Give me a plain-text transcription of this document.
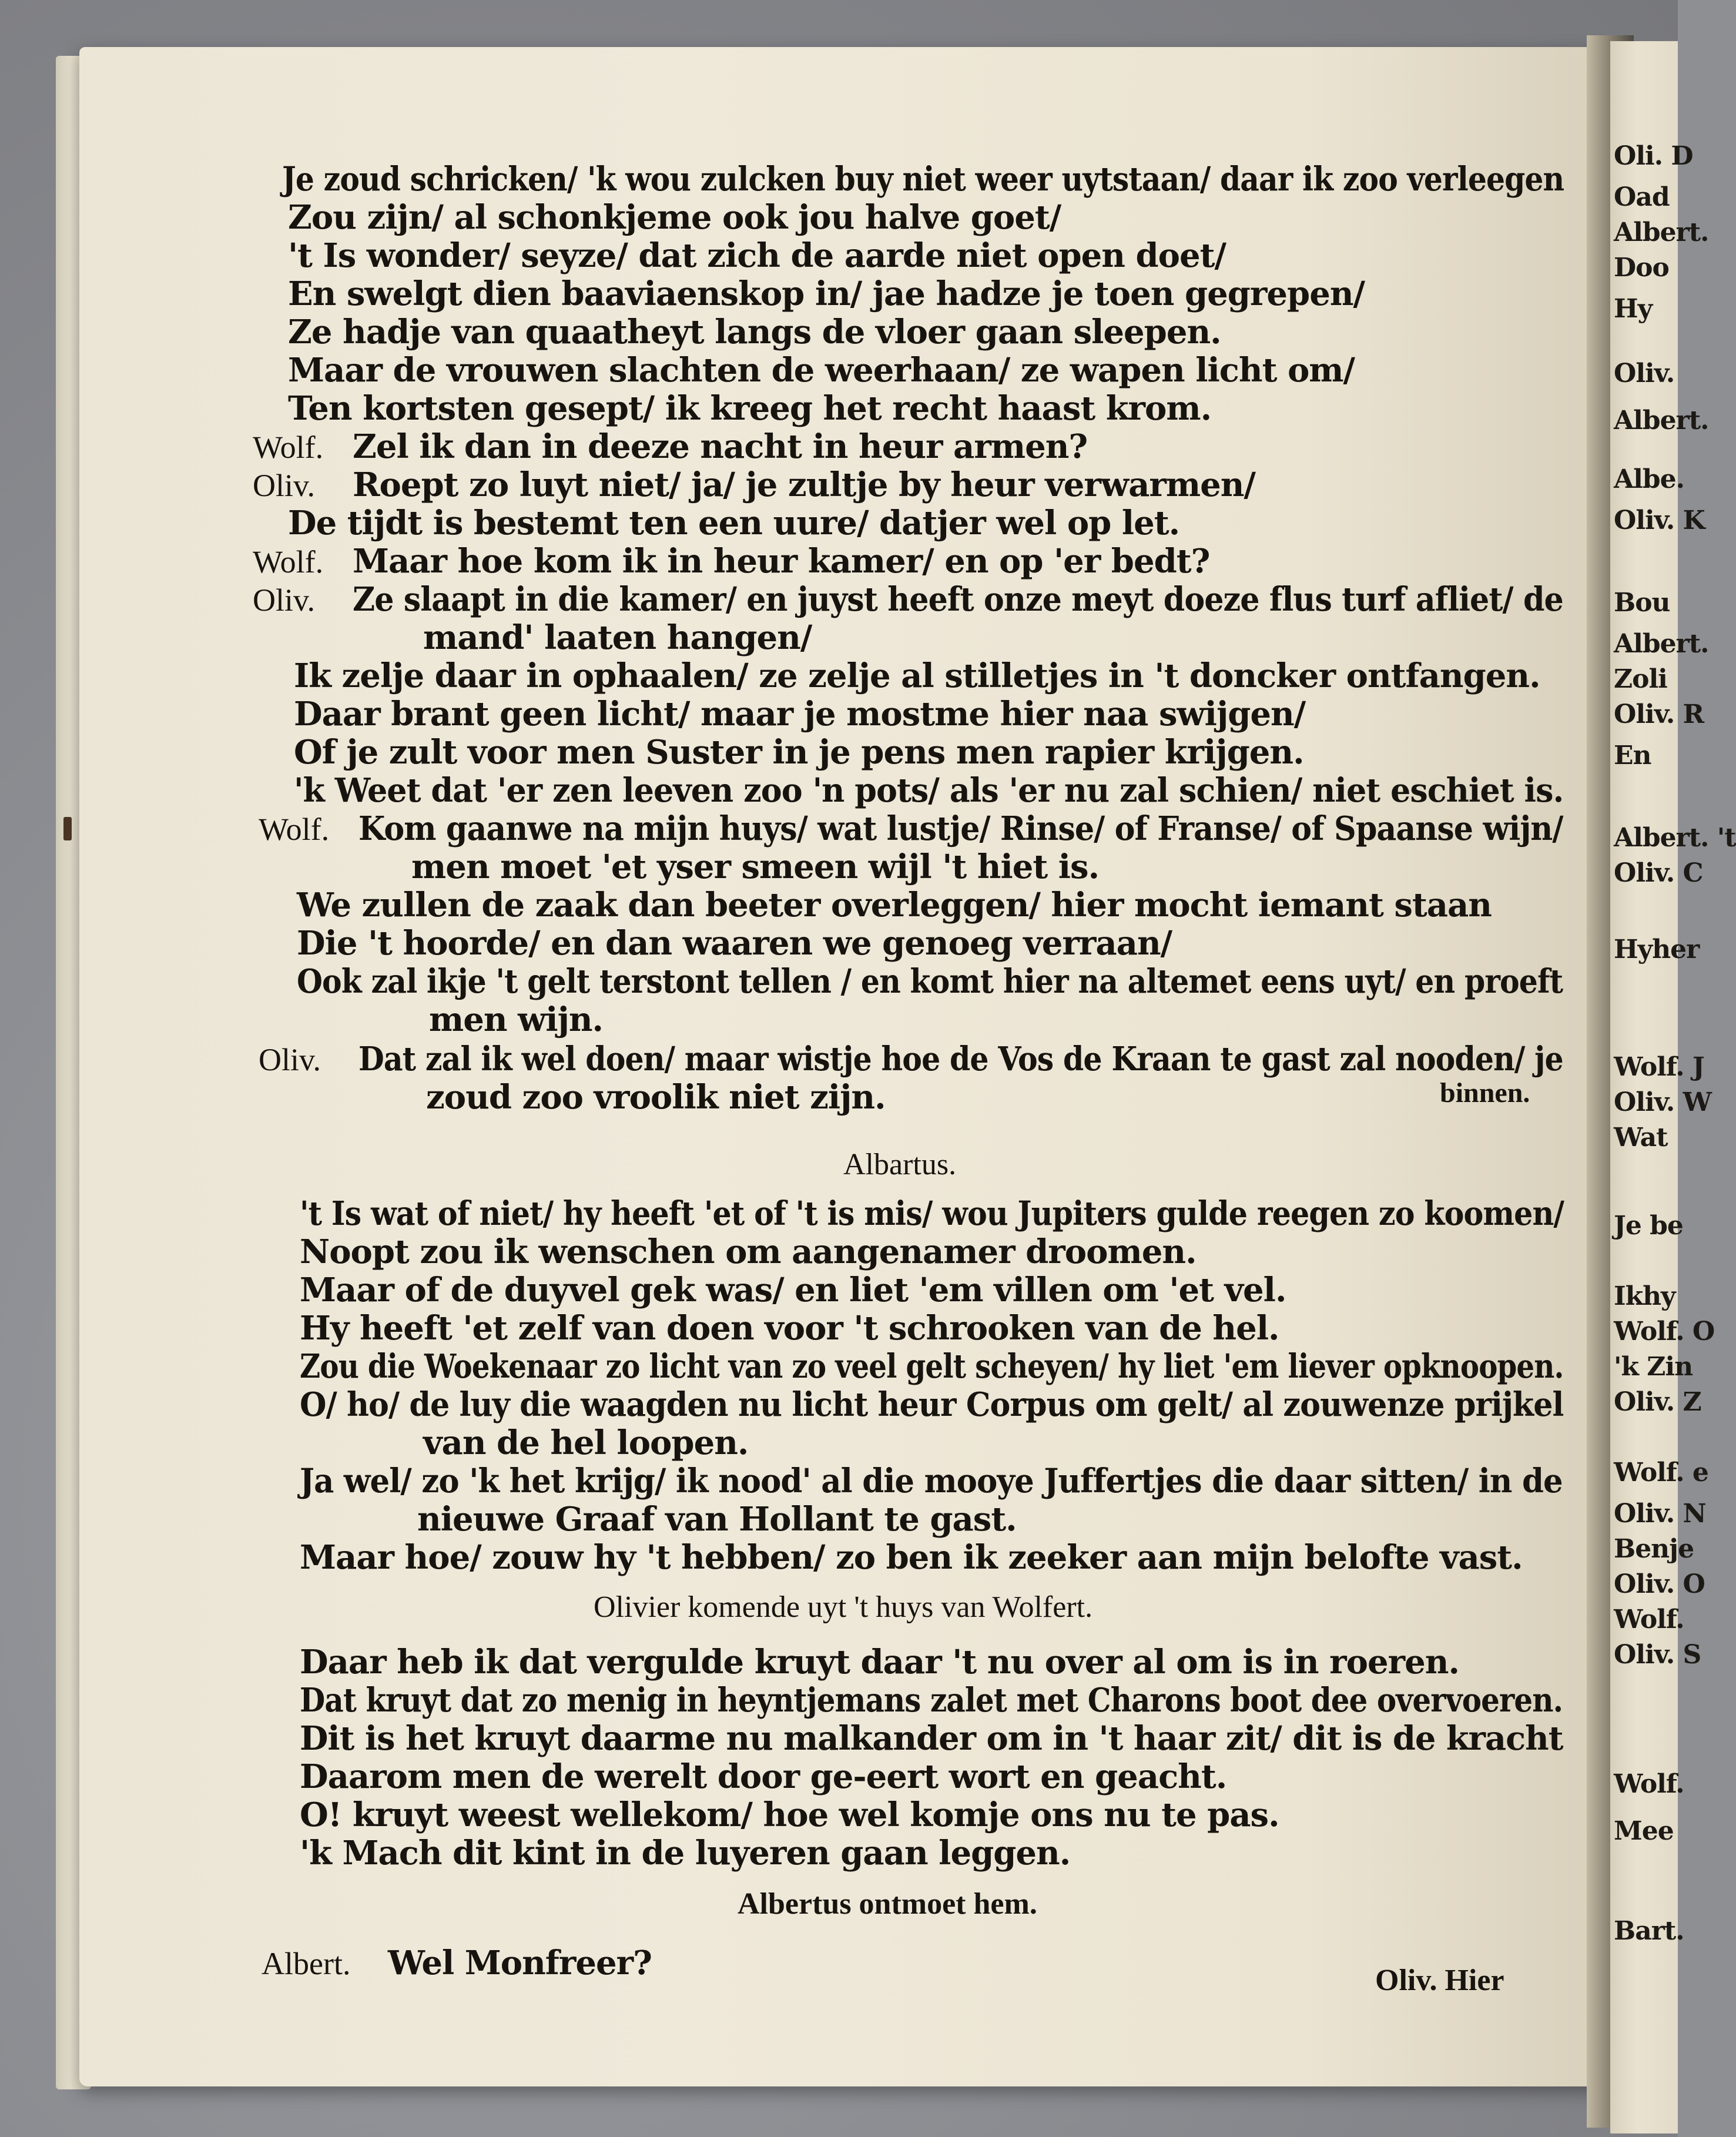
Oli. D
Oad
Albert.
Doo
Hy
Oliv.
Albert.
Albe.
Oliv. K
Bou
Albert.
Zoli
Oliv. R
En
Albert. 't
Oliv. C
Hyher
Wolf. J
Oliv. W
Wat
Je be
Ikhy
Wolf. O
'k Zin
Oliv. Z
Wolf. e
Oliv. N
Benje
Oliv. O
Wolf.
Oliv. S
Wolf.
Mee
Bart.
Je zoud schricken/ 'k wou zulcken buy niet weer uytstaan/ daar ik zoo verleegen
Zou zijn/ al schonkjeme ook jou halve goet/
't Is wonder/ seyze/ dat zich de aarde niet open doet/
En swelgt dien baaviaenskop in/ jae hadze je toen gegrepen/
Ze hadje van quaatheyt langs de vloer gaan sleepen.
Maar de vrouwen slachten de weerhaan/ ze wapen licht om/
Ten kortsten gesept/ ik kreeg het recht haast krom.
Wolf. Zel ik dan in deeze nacht in heur armen?
Oliv. Roept zo luyt niet/ ja/ je zultje by heur verwarmen/
De tijdt is bestemt ten een uure/ datjer wel op let.
Wolf. Maar hoe kom ik in heur kamer/ en op 'er bedt?
Oliv. Ze slaapt in die kamer/ en juyst heeft onze meyt dоeze flus turf afliet/ de
mand' laaten hangen/
Ik zelje daar in ophaalen/ ze zelje al stilletjes in 't doncker ontfangen.
Daar brant geen licht/ maar je mostme hier naa swijgen/
Of je zult voor men Suster in je pens men rapier krijgen.
'k Weet dat 'er zen leeven zoo 'n pots/ als 'er nu zal schien/ niet eschiet is.
Wolf. Kom gaanwe na mijn huys/ wat lustje/ Rinse/ of Franse/ of Spaanse wijn/
men moet 'et yser smeen wijl 't hiet is.
We zullen de zaak dan beeter overleggen/ hier mocht iemant staan
Die 't hoorde/ en dan waaren we genoeg verraan/
Ook zal ikje 't gelt terstont tellen / en komt hier na altemet eens uyt/ en proeft
men wijn.
Oliv. Dat zal ik wel doen/ maar wistje hoe de Vos de Kraan te gast zal nooden/ je
zoud zoo vroolik niet zijn.	binnen.
Albartus.
't Is wat of niet/ hy heeft 'et of 't is mis/ wou Jupiters gulde reegen zo koomen/
Noopt zou ik wenschen om aangenamer droomen.
Maar of de duyvel gek was/ en liet 'em villen om 'et vel.
Hy heeft 'et zelf van doen voor 't schrooken van de hel.
Zou die Woekenaar zo licht van zo veel gelt scheyen/ hy liet 'em liever opknoopen.
O/ ho/ de luy die waagden nu licht heur Corpus om gelt/ al zouwenze prijkel
van de hel loopen.
Ja wel/ zo 'k het krijg/ ik nood' al die mooye Juffertjes die daar sitten/ in de
nieuwe Graaf van Hollant te gast.
Maar hoe/ zouw hy 't hebben/ zo ben ik zeeker aan mijn belofte vast.
Olivier komende uyt 't huys van Wolfert.
Daar heb ik dat vergulde kruyt daar 't nu over al om is in roeren.
Dat kruyt dat zo menig in heyntjemans zalet met Charons boot dee overvoeren.
Dit is het kruyt daarme nu malkander om in 't haar zit/ dit is de kracht
Daarom men de werelt door ge-eert wort en geacht.
O! kruyt weest wellekom/ hoe wel komje ons nu te pas.
'k Mach dit kint in de luyeren gaan leggen.
Albertus ontmoet hem.
Albert. Wel Monfreer?	Oliv. Hier
